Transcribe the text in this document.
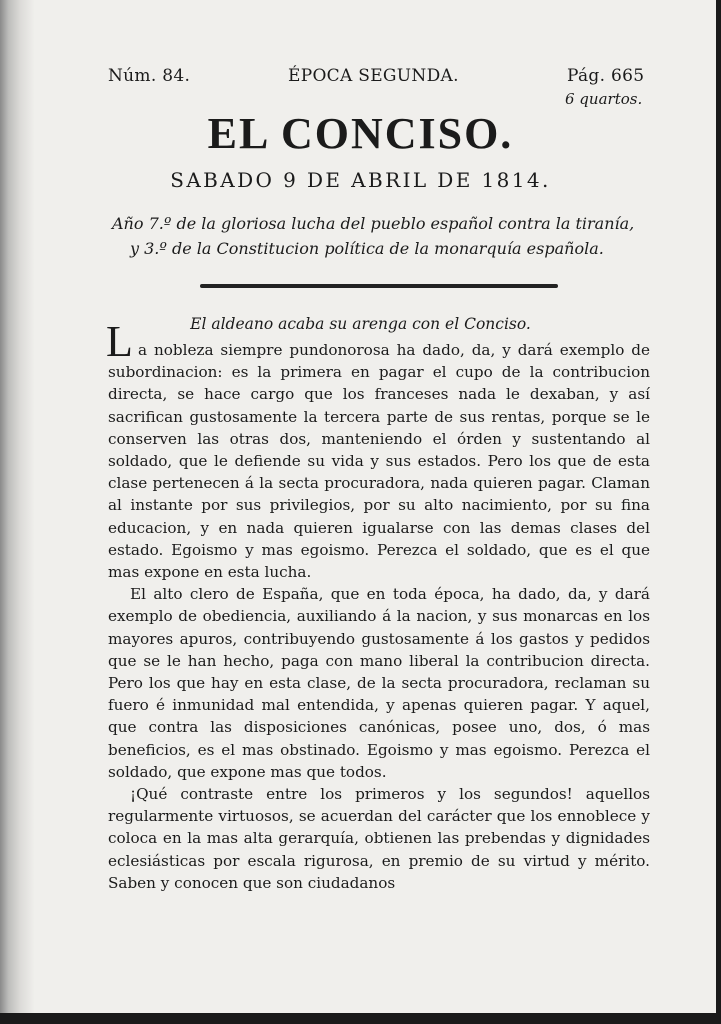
Núm. 84.	ÉPOCA SEGUNDA.	Pág. 665
6 quartos.
EL CONCISO.
SABADO 9 DE ABRIL DE 1814.
Año 7.º de la gloriosa lucha del pueblo español contra la tiranía,
y 3.º de la Constitucion política de la monarquía española.
El aldeano acaba su arenga con el Conciso.
L a nobleza siempre pundonorosa ha dado, da, y dará exemplo de subordinacion: es la primera en pagar el cupo de la contribucion directa, se hace cargo que los franceses nada le dexaban, y así sacrifican gustosamente la tercera parte de sus rentas, porque se le conserven las otras dos, manteniendo el órden y sustentando al soldado, que le defiende su vida y sus estados. Pero los que de esta clase pertenecen á la secta procuradora, nada quieren pagar. Claman al instante por sus privilegios, por su alto nacimiento, por su fina educacion, y en nada quieren igualarse con las demas clases del estado. Egoismo y mas egoismo. Perezca el soldado, que es el que mas expone en esta lucha.

El alto clero de España, que en toda época, ha dado, da, y dará exemplo de obediencia, auxiliando á la nacion, y sus monarcas en los mayores apuros, contribuyendo gustosamente á los gastos y pedidos que se le han hecho, paga con mano liberal la contribucion directa. Pero los que hay en esta clase, de la secta procuradora, reclaman su fuero é inmunidad mal entendida, y apenas quieren pagar. Y aquel, que contra las disposiciones canónicas, posee uno, dos, ó mas beneficios, es el mas obstinado. Egoismo y mas egoismo. Perezca el soldado, que expone mas que todos.

¡Qué contraste entre los primeros y los segundos! aquellos regularmente virtuosos, se acuerdan del carácter que los ennoblece y coloca en la mas alta gerarquía, obtienen las prebendas y dignidades eclesiásticas por escala rigurosa, en premio de su virtud y mérito. Saben y conocen que son ciudadanos
